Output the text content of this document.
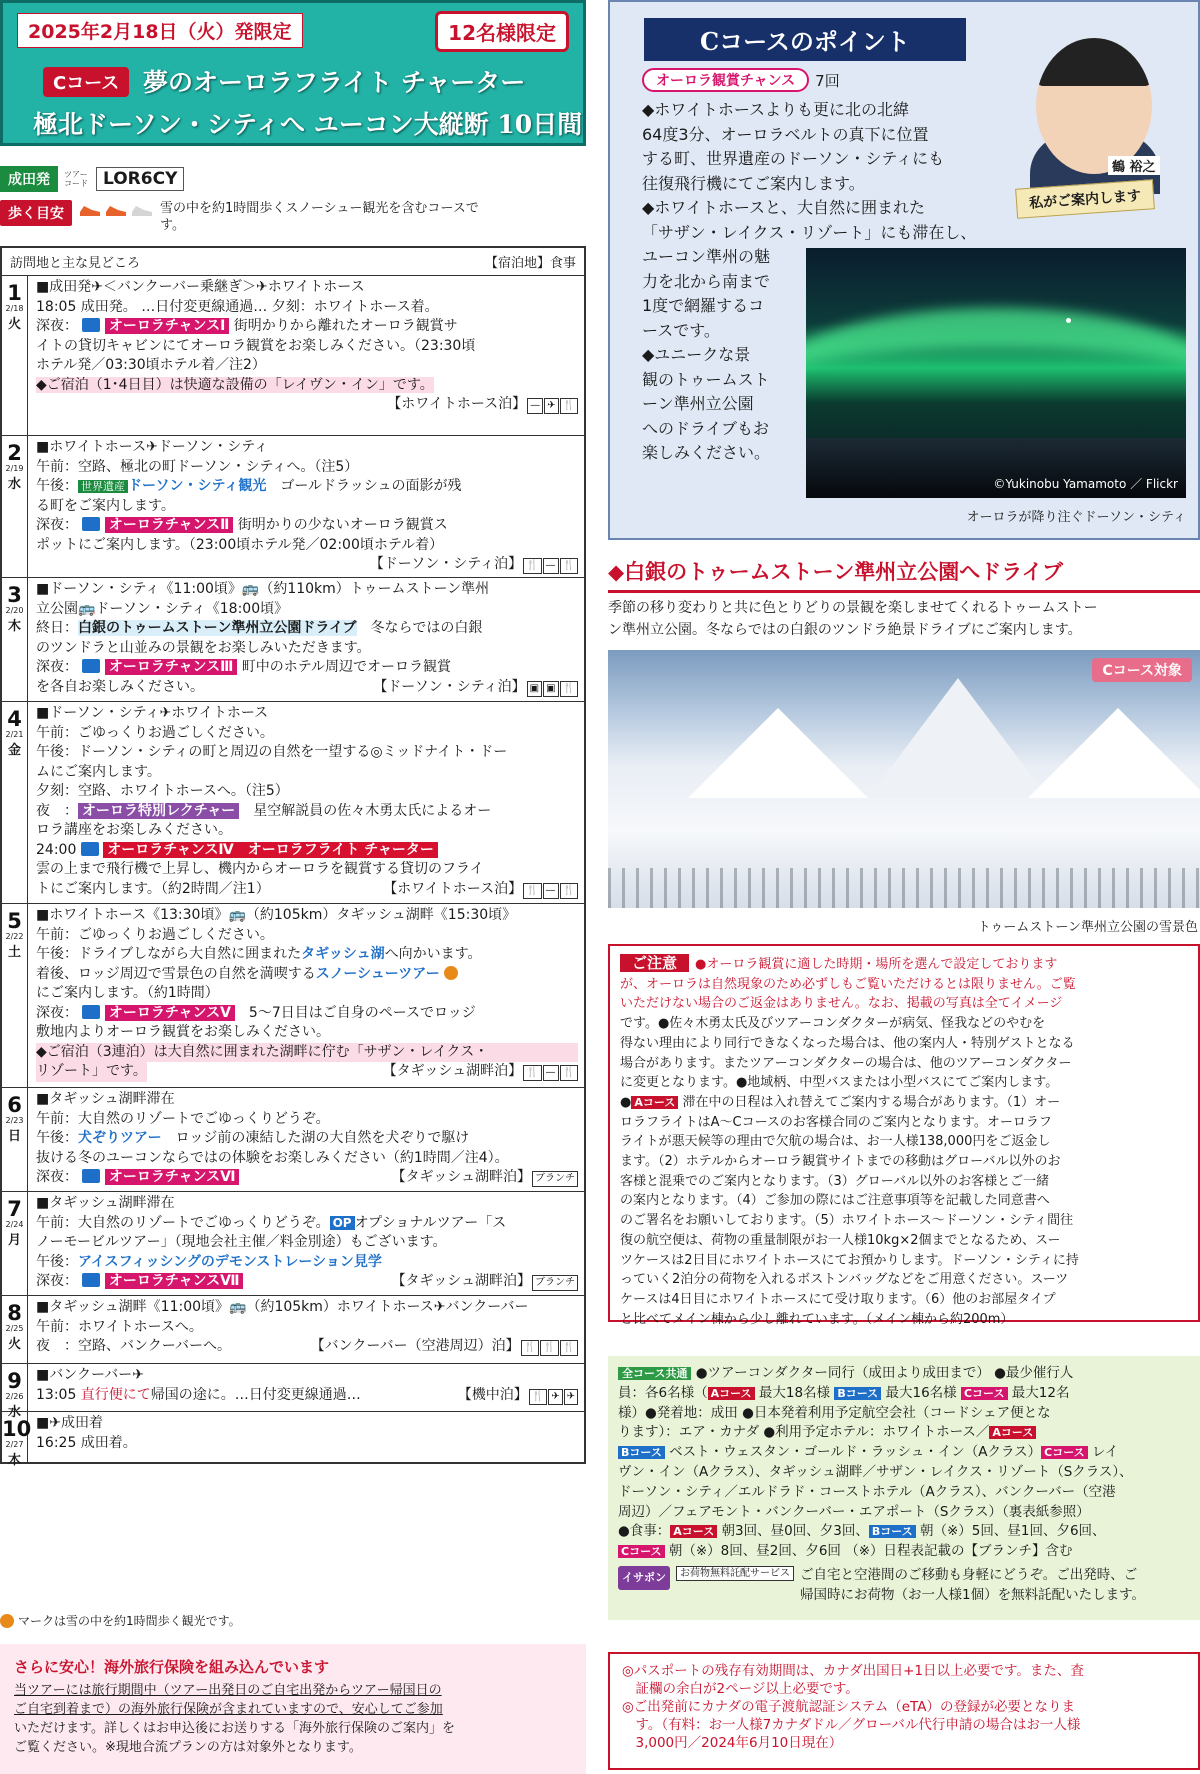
2025年2月18日（火）発限定	12名様限定
Cコース 夢のオーロラフライト チャーター
極北ドーソン・シティへ ユーコン大縦断 10日間
成田発	ツアーコード LOR6CY
歩く目安	雪の中を約1時間歩くスノーシュー観光を含むコースです。
訪問地と主な見どころ	【宿泊地】食事
1
2/18
火

■成田発✈＜バンクーバー乗継ぎ＞✈ホワイトホース

18:05 成田発。 …日付変更線通過… 夕刻：ホワイトホース着。

深夜： オーロラチャンスⅠ 街明かりから離れたオーロラ観賞サ

イトの貸切キャビンにてオーロラ観賞をお楽しみください。（23:30頃

ホテル発／03:30頃ホテル着／注2）

◆ご宿泊（1･4日目）は快適な設備の「レイヴン・イン」です。

【ホワイトホース泊】 — ✈ 🍴

2
2/19
水

■ホワイトホース✈ドーソン・シティ

午前：空路、極北の町ドーソン・シティへ。（注5）

午後： 世界遺産 ドーソン・シティ観光　ゴールドラッシュの面影が残

る町をご案内します。

深夜： オーロラチャンスⅡ 街明かりの少ないオーロラ観賞ス

ポットにご案内します。（23:00頃ホテル発／02:00頃ホテル着）

【ドーソン・シティ泊】 🍴 — 🍴

3
2/20
木

■ドーソン・シティ《11:00頃》🚌（約110km）トゥームストーン準州

立公園🚌ドーソン・シティ《18:00頃》

終日：白銀のトゥームストーン準州立公園ドライブ　冬ならではの白銀

のツンドラと山並みの景観をお楽しみいただきます。

深夜： オーロラチャンスⅢ 町中のホテル周辺でオーロラ観賞

を各自お楽しみください。	【ドーソン・シティ泊】 ▣ ▣ 🍴

4
2/21
金

■ドーソン・シティ✈ホワイトホース

午前：ごゆっくりお過ごしください。

午後：ドーソン・シティの町と周辺の自然を一望する◎ミッドナイト・ドー

ムにご案内します。

夕刻：空路、ホワイトホースへ。（注5）

夜　： オーロラ特別レクチャー　星空解説員の佐々木勇太氏によるオー

ロラ講座をお楽しみください。

24:00  オーロラチャンスⅣ　オーロラフライト チャーター

雲の上まで飛行機で上昇し、機内からオーロラを観賞する貸切のフライ

トにご案内します。（約2時間／注1）	【ホワイトホース泊】 🍴 — 🍴

5
2/22
土

■ホワイトホース《13:30頃》🚌（約105km）タギッシュ湖畔《15:30頃》

午前：ごゆっくりお過ごしください。

午後：ドライブしながら大自然に囲まれたタギッシュ湖へ向かいます。

着後、ロッジ周辺で雪景色の自然を満喫するスノーシューツアー

にご案内します。（約1時間）

深夜： オーロラチャンスⅤ　5～7日目はご自身のペースでロッジ

敷地内よりオーロラ観賞をお楽しみください。

◆ご宿泊（3連泊）は大自然に囲まれた湖畔に佇む「サザン・レイクス・

リゾート」です。	【タギッシュ湖畔泊】 🍴 — 🍴

6
2/23
日

■タギッシュ湖畔滞在

午前：大自然のリゾートでごゆっくりどうぞ。

午後：犬ぞりツアー　ロッジ前の凍結した湖の大自然を犬ぞりで駆け

抜ける冬のユーコンならではの体験をお楽しみください（約1時間／注4）。

深夜： オーロラチャンスⅥ	【タギッシュ湖畔泊】 ブランチ

7
2/24
月

■タギッシュ湖畔滞在

午前：大自然のリゾートでごゆっくりどうぞ。 OP オプショナルツアー「ス

ノーモービルツアー」（現地会社主催／料金別途）もございます。

午後：アイスフィッシングのデモンストレーション見学

深夜： オーロラチャンスⅦ	【タギッシュ湖畔泊】 ブランチ

8
2/25
火

■タギッシュ湖畔《11:00頃》🚌（約105km）ホワイトホース✈バンクーバー

午前：ホワイトホースへ。

夜　：空路、バンクーバーへ。	【バンクーバー（空港周辺）泊】 🍴 🍴 🍴

9
2/26
水

■バンクーバー✈

13:05 直行便にて帰国の途に。…日付変更線通過…	【機中泊】 🍴 ✈ ✈

10
2/27
木

■✈成田着

16:25 成田着。

マークは雪の中を約1時間歩く観光です。
さらに安心！海外旅行保険を組み込んでいます

当ツアーには旅行期間中（ツアー出発日のご自宅出発からツアー帰国日の

ご自宅到着まで）の海外旅行保険が含まれていますので、安心してご参加

いただけます。詳しくはお申込後にお送りする「海外旅行保険のご案内」を

ご覧ください。※現地合流プランの方は対象外となります。

Cコースのポイント
オーロラ観賞チャンス	7回

◆ホワイトホースよりも更に北の北緯

64度3分、オーロラベルトの真下に位置

する町、世界遺産のドーソン・シティにも

往復飛行機にてご案内します。

◆ホワイトホースと、大自然に囲まれた

「サザン・レイクス・リゾート」にも滞在し、

ユーコン準州の魅

力を北から南まで

1度で網羅するコ

ースです。

◆ユニークな景

観のトゥームスト

ーン準州立公園

へのドライブもお

楽しみください。

鶴 裕之
私がご案内します
©Yukinobu Yamamoto ／ Flickr
オーロラが降り注ぐドーソン・シティ
◆白銀のトゥームストーン準州立公園へドライブ

季節の移り変わりと共に色とりどりの景観を楽しませてくれるトゥームストー

ン準州立公園。冬ならではの白銀のツンドラ絶景ドライブにご案内します。

Cコース対象
トゥームストーン準州立公園の雪景色

ご注意 ●オーロラ観賞に適した時期・場所を選んで設定しております

が、オーロラは自然現象のため必ずしもご覧いただけるとは限りません。ご覧

いただけない場合のご返金はありません。なお、掲載の写真は全てイメージ

です。●佐々木勇太氏及びツアーコンダクターが病気、怪我などのやむを

得ない理由により同行できなくなった場合は、他の案内人・特別ゲストとなる

場合があります。またツアーコンダクターの場合は、他のツアーコンダクター

に変更となります。●地域柄、中型バスまたは小型バスにてご案内します。

● Aコース 滞在中の日程は入れ替えてご案内する場合があります。（1）オー

ロラフライトはA～Cコースのお客様合同のご案内となります。オーロラフ

ライトが悪天候等の理由で欠航の場合は、お一人様138,000円をご返金し

ます。（2）ホテルからオーロラ観賞サイトまでの移動はグローバル以外のお

客様と混乗でのご案内となります。（3）グローバル以外のお客様とご一緒

の案内となります。（4）ご参加の際にはご注意事項等を記載した同意書へ

のご署名をお願いしております。（5）ホワイトホース～ドーソン・シティ間往

復の航空便は、荷物の重量制限がお一人様10kg×2個までとなるため、スー

ツケースは2日目にホワイトホースにてお預かりします。ドーソン・シティに持

っていく2泊分の荷物を入れるボストンバッグなどをご用意ください。スーツ

ケースは4日目にホワイトホースにて受け取ります。（6）他のお部屋タイプ

と比べてメイン棟から少し離れています。（メイン棟から約200m）

全コース共通 ●ツアーコンダクター同行（成田より成田まで） ●最少催行人

員：各6名様（ Aコース 最大18名様 Bコース 最大16名様 Cコース 最大12名

様）●発着地：成田 ●日本発着利用予定航空会社（コードシェア便とな

ります）：エア・カナダ ●利用予定ホテル：ホワイトホース／ Aコース

Bコース ベスト・ウェスタン・ゴールド・ラッシュ・イン（Aクラス） Cコース レイ

ヴン・イン（Aクラス）、タギッシュ湖畔／サザン・レイクス・リゾート（Sクラス）、

ドーソン・シティ／エルドラド・コーストホテル（Aクラス）、バンクーバー（空港

周辺）／フェアモント・バンクーバー・エアポート（Sクラス）（裏表紙参照）

●食事： Aコース 朝3回、昼0回、夕3回、 Bコース 朝（※）5回、昼1回、夕6回、

Cコース 朝（※）8回、昼2回、夕6回 （※）日程表記載の【ブランチ】含む

イサポン	お荷物無料託配サービス ご自宅と空港間のご移動も身軽にどうぞ。ご出発時、ご

帰国時にお荷物（お一人様1個）を無料託配いたします。

◎パスポートの残存有効期間は、カナダ出国日+1日以上必要です。また、査

　証欄の余白が2ページ以上必要です。

◎ご出発前にカナダの電子渡航認証システム（eTA）の登録が必要となりま

　す。（有料：お一人様7カナダドル／グローバル代行申請の場合はお一人様

　3,000円／2024年6月10日現在）
